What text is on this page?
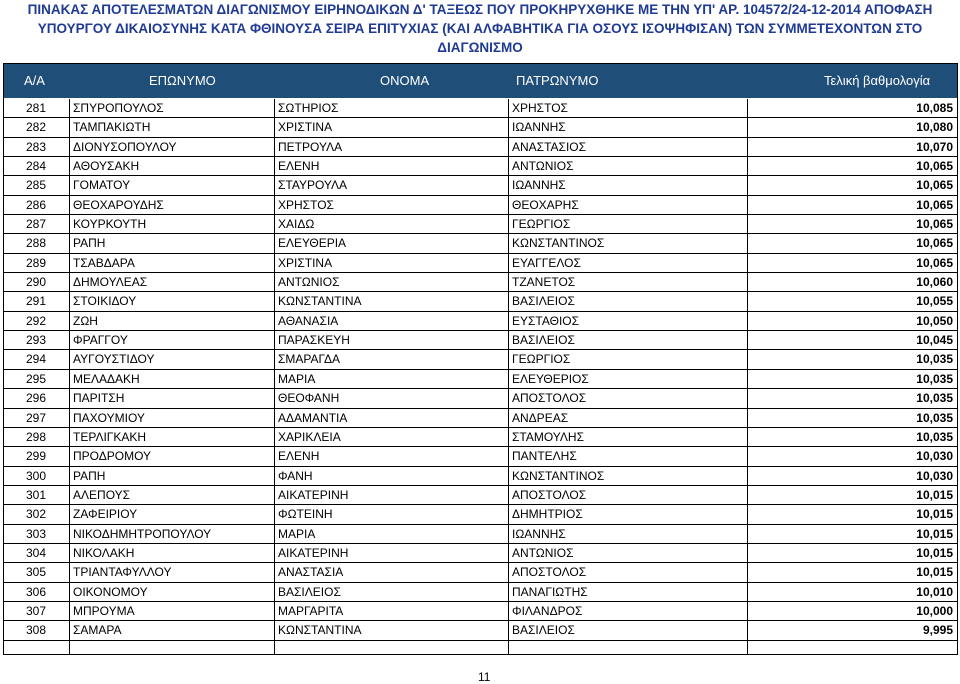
ΠΙΝΑΚΑΣ ΑΠΟΤΕΛΕΣΜΑΤΩΝ ΔΙΑΓΩΝΙΣΜΟΥ ΕΙΡΗΝΟΔΙΚΩΝ Δ' ΤΑΞΕΩΣ ΠΟΥ ΠΡΟΚΗΡΥΧΘΗΚΕ ΜΕ ΤΗΝ ΥΠ' ΑΡ. 104572/24-12-2014 ΑΠΟΦΑΣΗ
ΥΠΟΥΡΓΟΥ ΔΙΚΑΙΟΣΥΝΗΣ ΚΑΤΑ ΦΘΙΝΟΥΣΑ ΣΕΙΡΑ ΕΠΙΤΥΧΙΑΣ (ΚΑΙ ΑΛΦΑΒΗΤΙΚΑ ΓΙΑ ΟΣΟΥΣ ΙΣΟΨΗΦΙΣΑΝ) ΤΩΝ ΣΥΜΜΕΤΕΧΟΝΤΩΝ ΣΤΟ
ΔΙΑΓΩΝΙΣΜΟ
Α/Α	ΕΠΩΝΥΜΟ	ΟΝΟΜΑ	ΠΑΤΡΩΝΥΜΟ	Τελική βαθμολογία
281 ΣΠΥΡΟΠΟΥΛΟΣ	ΣΩΤΗΡΙΟΣ	ΧΡΗΣΤΟΣ	10,085
282 ΤΑΜΠΑΚΙΩΤΗ	ΧΡΙΣΤΙΝΑ	ΙΩΑΝΝΗΣ	10,080
283 ΔΙΟΝΥΣΟΠΟΥΛΟΥ	ΠΕΤΡΟΥΛΑ	ΑΝΑΣΤΑΣΙΟΣ	10,070
284 ΑΘΟΥΣΑΚΗ	ΕΛΕΝΗ	ΑΝΤΩΝΙΟΣ	10,065
285 ΓΟΜΑΤΟΥ	ΣΤΑΥΡΟΥΛΑ	ΙΩΑΝΝΗΣ	10,065
286 ΘΕΟΧΑΡΟΥΔΗΣ	ΧΡΗΣΤΟΣ	ΘΕΟΧΑΡΗΣ	10,065
287 ΚΟΥΡΚΟΥΤΗ	ΧΑΙΔΩ	ΓΕΩΡΓΙΟΣ	10,065
288 ΡΑΠΗ	ΕΛΕΥΘΕΡΙΑ	ΚΩΝΣΤΑΝΤΙΝΟΣ	10,065
289 ΤΣΑΒΔΑΡΑ	ΧΡΙΣΤΙΝΑ	ΕΥΑΓΓΕΛΟΣ	10,065
290 ΔΗΜΟΥΛΕΑΣ	ΑΝΤΩΝΙΟΣ	ΤΖΑΝΕΤΟΣ	10,060
291 ΣΤΟΙΚΙΔΟΥ	ΚΩΝΣΤΑΝΤΙΝΑ	ΒΑΣΙΛΕΙΟΣ	10,055
292 ΖΩΗ	ΑΘΑΝΑΣΙΑ	ΕΥΣΤΑΘΙΟΣ	10,050
293 ΦΡΑΓΓΟΥ	ΠΑΡΑΣΚΕΥΗ	ΒΑΣΙΛΕΙΟΣ	10,045
294 ΑΥΓΟΥΣΤΙΔΟΥ	ΣΜΑΡΑΓΔΑ	ΓΕΩΡΓΙΟΣ	10,035
295 ΜΕΛΑΔΑΚΗ	ΜΑΡΙΑ	ΕΛΕΥΘΕΡΙΟΣ	10,035
296 ΠΑΡΙΤΣΗ	ΘΕΟΦΑΝΗ	ΑΠΟΣΤΟΛΟΣ	10,035
297 ΠΑΧΟΥΜΙΟΥ	ΑΔΑΜΑΝΤΙΑ	ΑΝΔΡΕΑΣ	10,035
298 ΤΕΡΛΙΓΚΑΚΗ	ΧΑΡΙΚΛΕΙΑ	ΣΤΑΜΟΥΛΗΣ	10,035
299 ΠΡΟΔΡΟΜΟΥ	ΕΛΕΝΗ	ΠΑΝΤΕΛΗΣ	10,030
300 ΡΑΠΗ	ΦΑΝΗ	ΚΩΝΣΤΑΝΤΙΝΟΣ	10,030
301 ΑΛΕΠΟΥΣ	ΑΙΚΑΤΕΡΙΝΗ	ΑΠΟΣΤΟΛΟΣ	10,015
302 ΖΑΦΕΙΡΙΟΥ	ΦΩΤΕΙΝΗ	ΔΗΜΗΤΡΙΟΣ	10,015
303 ΝΙΚΟΔΗΜΗΤΡΟΠΟΥΛΟΥ	ΜΑΡΙΑ	ΙΩΑΝΝΗΣ	10,015
304 ΝΙΚΟΛΑΚΗ	ΑΙΚΑΤΕΡΙΝΗ	ΑΝΤΩΝΙΟΣ	10,015
305 ΤΡΙΑΝΤΑΦΥΛΛΟΥ	ΑΝΑΣΤΑΣΙΑ	ΑΠΟΣΤΟΛΟΣ	10,015
306 ΟΙΚΟΝΟΜΟΥ	ΒΑΣΙΛΕΙΟΣ	ΠΑΝΑΓΙΩΤΗΣ	10,010
307 ΜΠΡΟΥΜΑ	ΜΑΡΓΑΡΙΤΑ	ΦΙΛΑΝΔΡΟΣ	10,000
308 ΣΑΜΑΡΑ	ΚΩΝΣΤΑΝΤΙΝΑ	ΒΑΣΙΛΕΙΟΣ	9,995
11
